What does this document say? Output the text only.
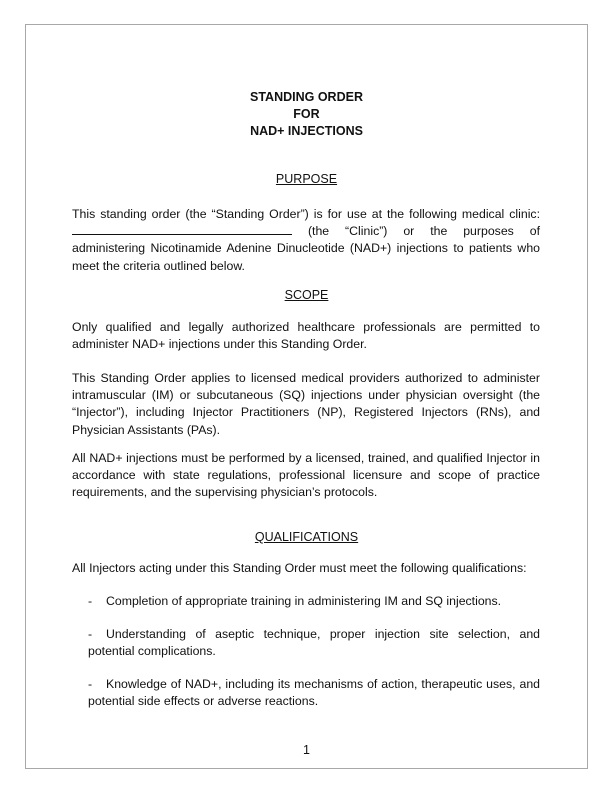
STANDING ORDER
FOR
NAD+ INJECTIONS
PURPOSE
This standing order (the “Standing Order”) is for use at the following medical clinic:  (the “Clinic”) or the purposes of administering Nicotinamide Adenine Dinucleotide (NAD+) injections to patients who meet the criteria outlined below.
SCOPE
Only qualified and legally authorized healthcare professionals are permitted to administer NAD+ injections under this Standing Order.
This Standing Order applies to licensed medical providers authorized to administer intramuscular (IM) or subcutaneous (SQ) injections under physician oversight (the “Injector”), including Injector Practitioners (NP), Registered Injectors (RNs), and Physician Assistants (PAs).
All NAD+ injections must be performed by a licensed, trained, and qualified Injector in accordance with state regulations, professional licensure and scope of practice requirements, and the supervising physician’s protocols.
QUALIFICATIONS
All Injectors acting under this Standing Order must meet the following qualifications:
- Completion of appropriate training in administering IM and SQ injections.
- Understanding of aseptic technique, proper injection site selection, and potential complications.
- Knowledge of NAD+, including its mechanisms of action, therapeutic uses, and potential side effects or adverse reactions.
1
